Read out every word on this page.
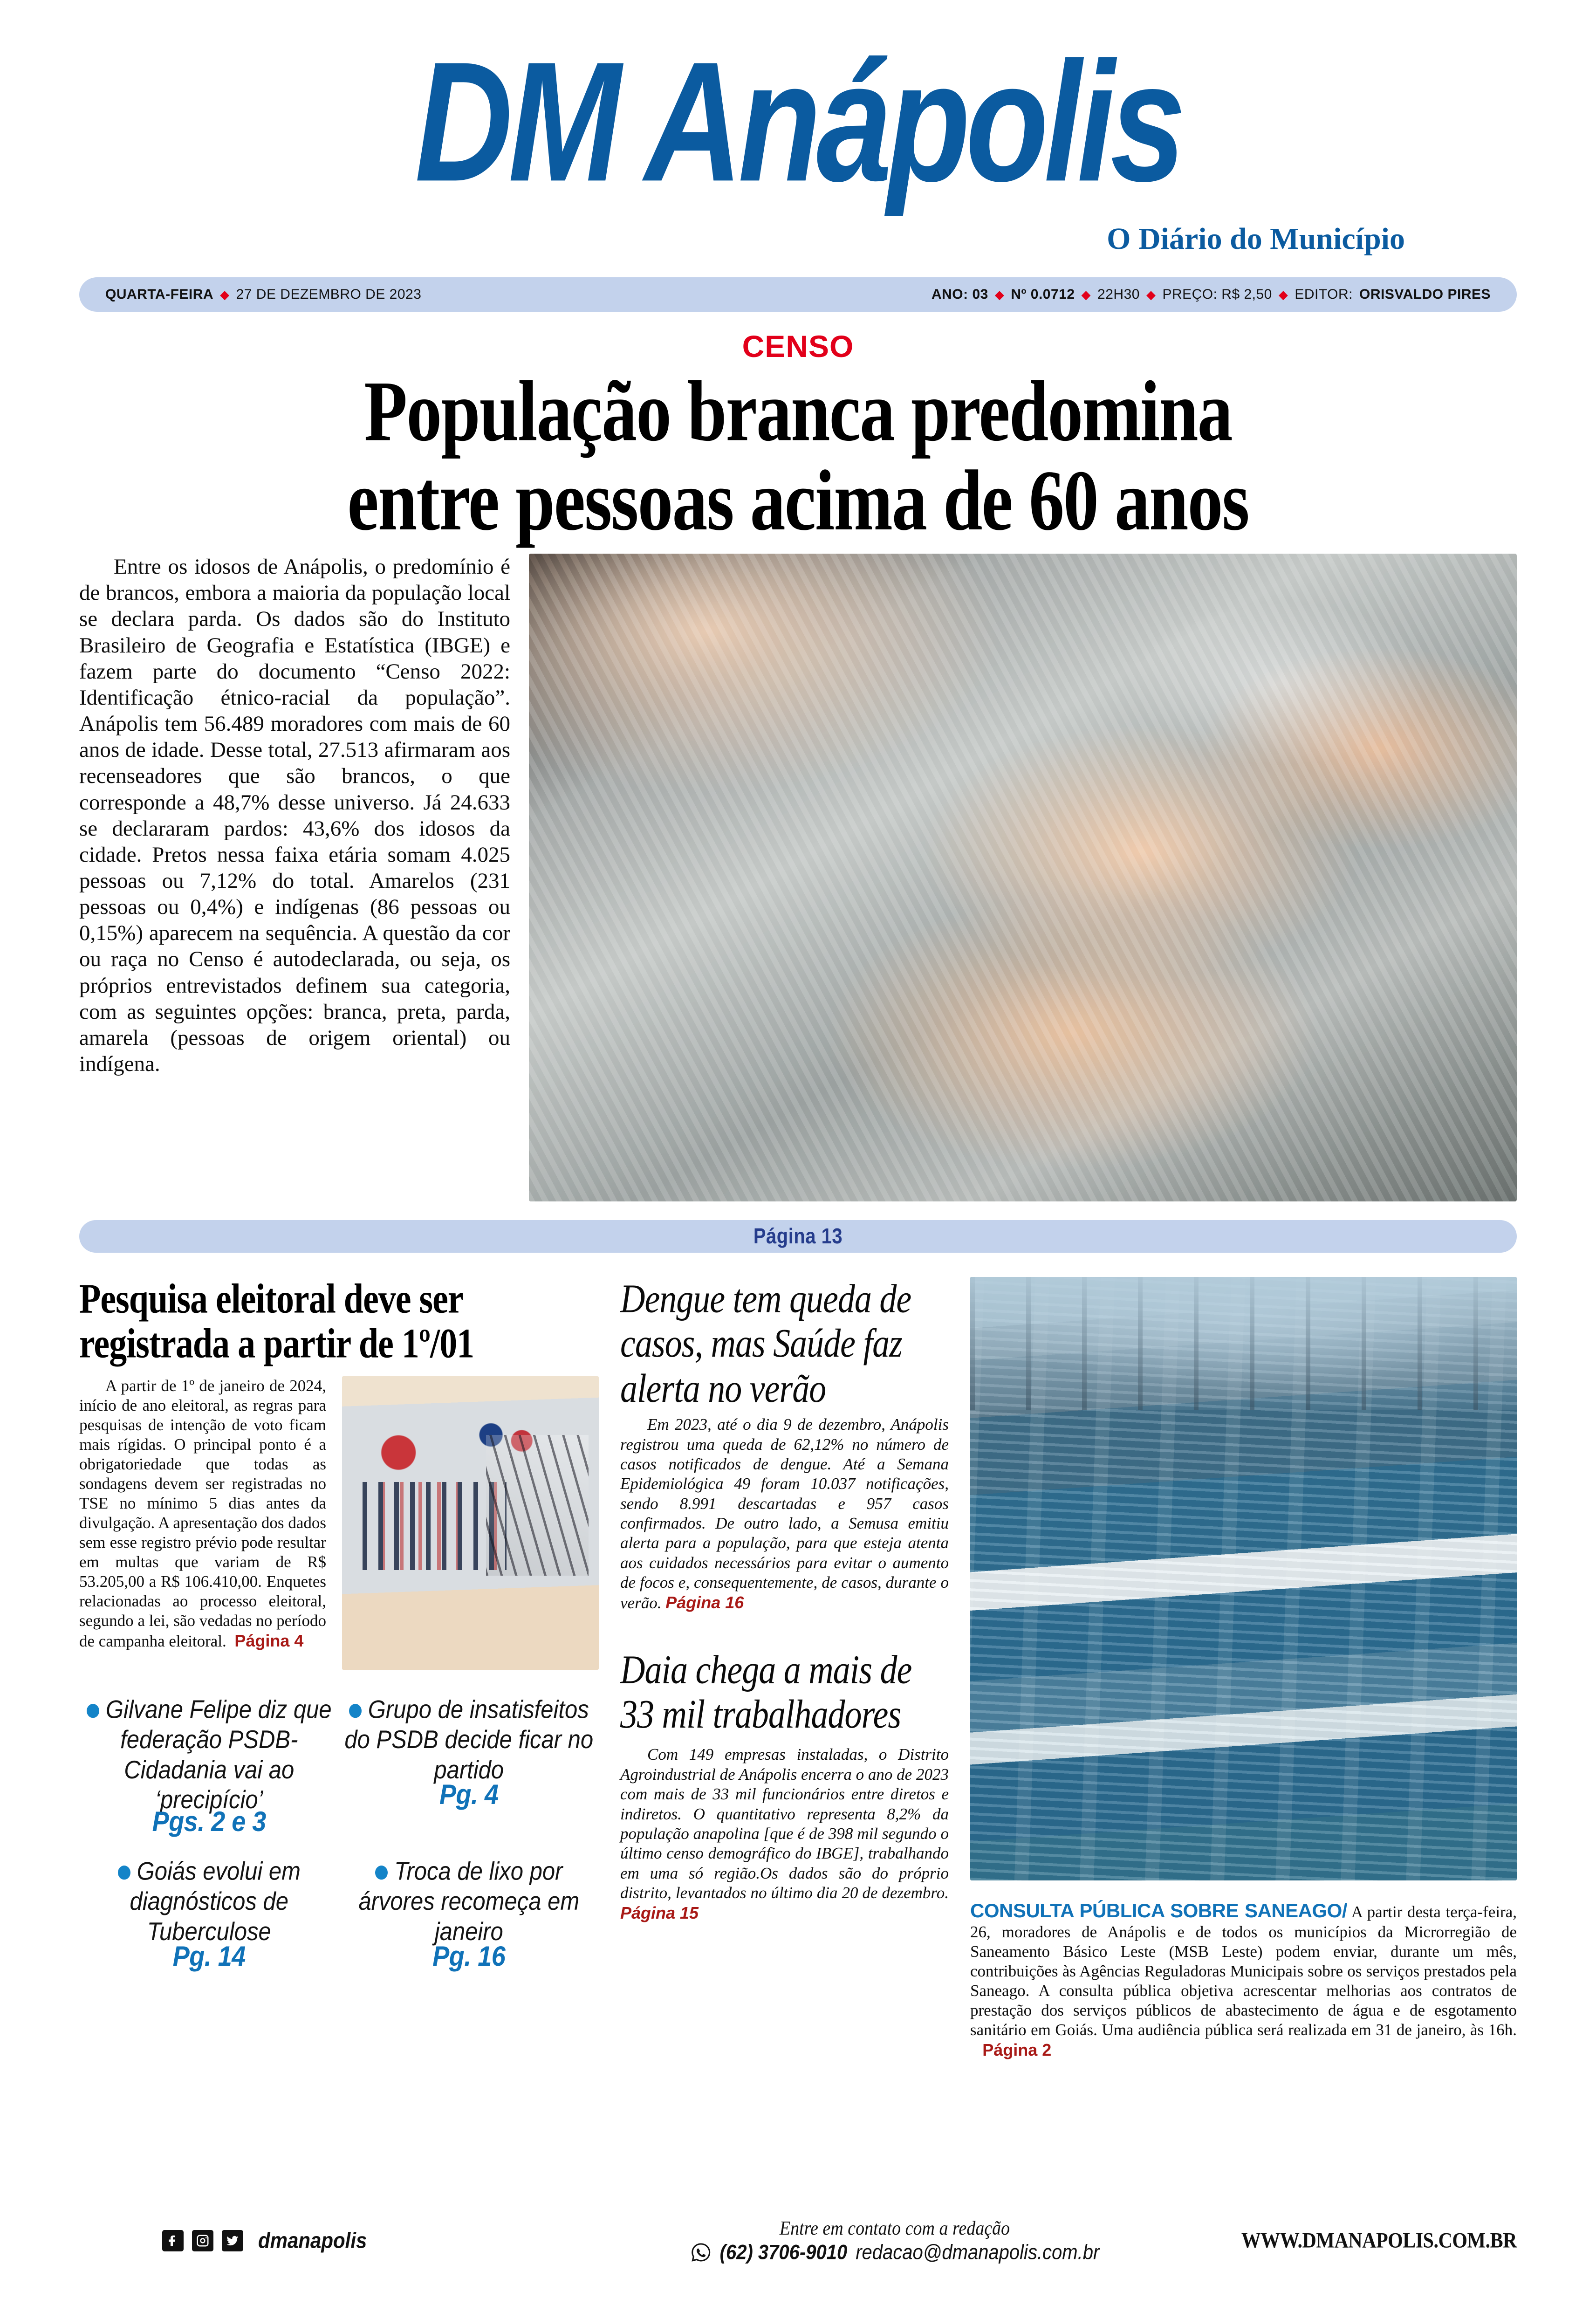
DM Anápolis
O Diário do Município
QUARTA-FEIRA ◆ 27 DE DEZEMBRO DE 2023	ANO: 03 ◆ Nº 0.0712 ◆ 22H30 ◆ PREÇO: R$ 2,50 ◆ EDITOR: ORISVALDO PIRES
CENSO
População branca predomina
entre pessoas acima de 60 anos

Entre os idosos de Anápolis, o predomínio é de brancos, embora a maioria da população local se declara parda. Os dados são do Instituto Brasileiro de Geografia e Estatística (IBGE) e fazem parte do documento “Censo 2022: Identificação étnico-racial da população”. Anápolis tem 56.489 moradores com mais de 60 anos de idade. Desse total, 27.513 afirmaram aos recenseadores que são brancos, o que corresponde a 48,7% desse universo. Já 24.633 se declararam pardos: 43,6% dos idosos da cidade. Pretos nessa faixa etária somam 4.025 pessoas ou 7,12% do total. Amarelos (231 pessoas ou 0,4%) e indígenas (86 pessoas ou 0,15%) aparecem na sequência. A questão da cor ou raça no Censo é autodeclarada, ou seja, os próprios entrevistados definem sua categoria, com as seguintes opções: branca, preta, parda, amarela (pessoas de origem oriental) ou indígena.

Página 13
Pesquisa eleitoral deve ser registrada a partir de 1º/01

A partir de 1º de janeiro de 2024, início de ano eleitoral, as regras para pesquisas de intenção de voto ficam mais rígidas. O principal ponto é a obrigatoriedade que todas as sondagens devem ser registradas no TSE no mínimo 5 dias antes da divulgação. A apresentação dos dados sem esse registro prévio pode resultar em multas que variam de R$ 53.205,00 a R$ 106.410,00. Enquetes relacionadas ao processo eleitoral, segundo a lei, são vedadas no período de campanha eleitoral. Página 4

Gilvane Felipe diz que federação PSDB-Cidadania vai ao ‘precipício’
Pgs. 2 e 3
Grupo de insatisfeitos do PSDB decide ficar no partido
Pg. 4
Goiás evolui em diagnósticos de Tuberculose
Pg. 14
Troca de lixo por árvores recomeça em janeiro
Pg. 16
Dengue tem queda de casos, mas Saúde faz alerta no verão

Em 2023, até o dia 9 de dezembro, Anápolis registrou uma queda de 62,12% no número de casos notificados de dengue. Até a Semana Epidemiológica 49 foram 10.037 notificações, sendo 8.991 descartadas e 957 casos confirmados. De outro lado, a Semusa emitiu alerta para a população, para que esteja atenta aos cuidados necessários para evitar o aumento de focos e, consequentemente, de casos, durante o verão. Página 16

Daia chega a mais de 33 mil trabalhadores

Com 149 empresas instaladas, o Distrito Agroindustrial de Anápolis encerra o ano de 2023 com mais de 33 mil funcionários entre diretos e indiretos. O quantitativo representa 8,2% da população anapolina [que é de 398 mil segundo o último censo demográfico do IBGE], trabalhando em uma só região.Os dados são do próprio distrito, levantados no último dia 20 de dezembro. Página 15	CONSULTA PÚBLICA SOBRE SANEAGO/ A partir desta terça-feira, 26, moradores de Anápolis e de todos os municípios da Microrregião de Saneamento Básico Leste (MSB Leste) podem enviar, durante um mês, contribuições às Agências Reguladoras Municipais sobre os serviços prestados pela Saneago. A consulta pública objetiva acrescentar melhorias aos contratos de prestação dos serviços públicos de abastecimento de água e de esgotamento sanitário em Goiás. Uma audiência pública será realizada em 31 de janeiro, às 16h.    Página 2

dmanapolis	Entre em contato com a redação
(62) 3706-9010 redacao@dmanapolis.com.br	WWW.DMANAPOLIS.COM.BR
